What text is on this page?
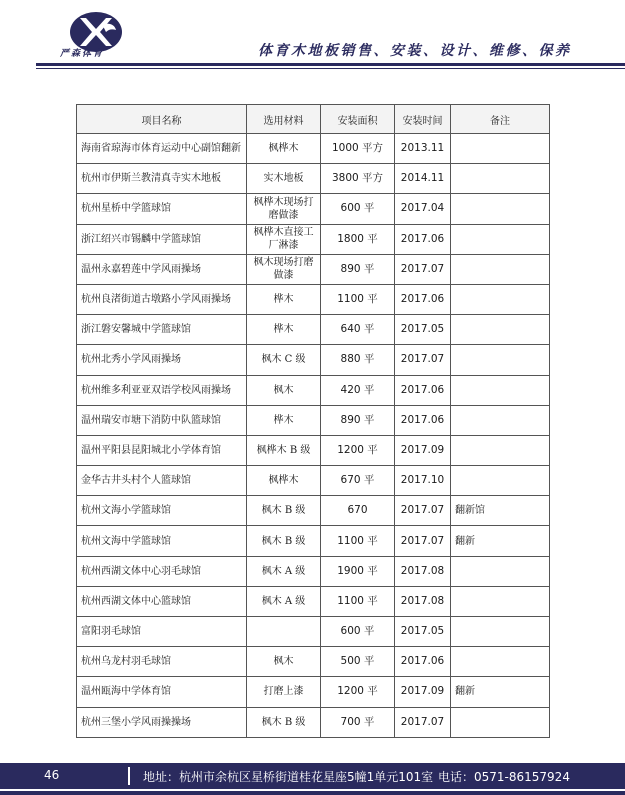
严森体育	体育木地板销售、安装、设计、维修、保养
项目名称	选用材料	安装面积	安装时间	备注
海南省琼海市体育运动中心副馆翻新	枫桦木	1000 平方	2013.11	
杭州市伊斯兰教清真寺实木地板	实木地板	3800 平方	2014.11	
杭州星桥中学篮球馆	枫桦木现场打磨做漆	600 平	2017.04	
浙江绍兴市锡麟中学篮球馆	枫桦木直接工厂淋漆	1800 平	2017.06	
温州永嘉碧莲中学风雨操场	枫木现场打磨做漆	890 平	2017.07	
杭州良渚街道古墩路小学风雨操场	桦木	1100 平	2017.06	
浙江磐安馨城中学篮球馆	桦木	640 平	2017.05	
杭州北秀小学风雨操场	枫木 C 级	880 平	2017.07	
杭州维多利亚亚双语学校风雨操场	枫木	420 平	2017.06	
温州瑞安市塘下消防中队篮球馆	桦木	890 平	2017.06	
温州平阳县昆阳城北小学体育馆	枫桦木 B 级	1200 平	2017.09	
金华古井头村个人篮球馆	枫桦木	670 平	2017.10	
杭州文海小学篮球馆	枫木 B 级	670	2017.07	翻新馆
杭州文海中学篮球馆	枫木 B 级	1100 平	2017.07	翻新
杭州西湖文体中心羽毛球馆	枫木 A 级	1900 平	2017.08	
杭州西湖文体中心篮球馆	枫木 A 级	1100 平	2017.08	
富阳羽毛球馆		600 平	2017.05	
杭州乌龙村羽毛球馆	枫木	500 平	2017.06	
温州瓯海中学体育馆	打磨上漆	1200 平	2017.09	翻新
杭州三堡小学风雨操操场	枫木 B 级	700 平	2017.07	
46	地址：杭州市余杭区星桥街道桂花星座5幢1单元101室 电话：0571-86157924
